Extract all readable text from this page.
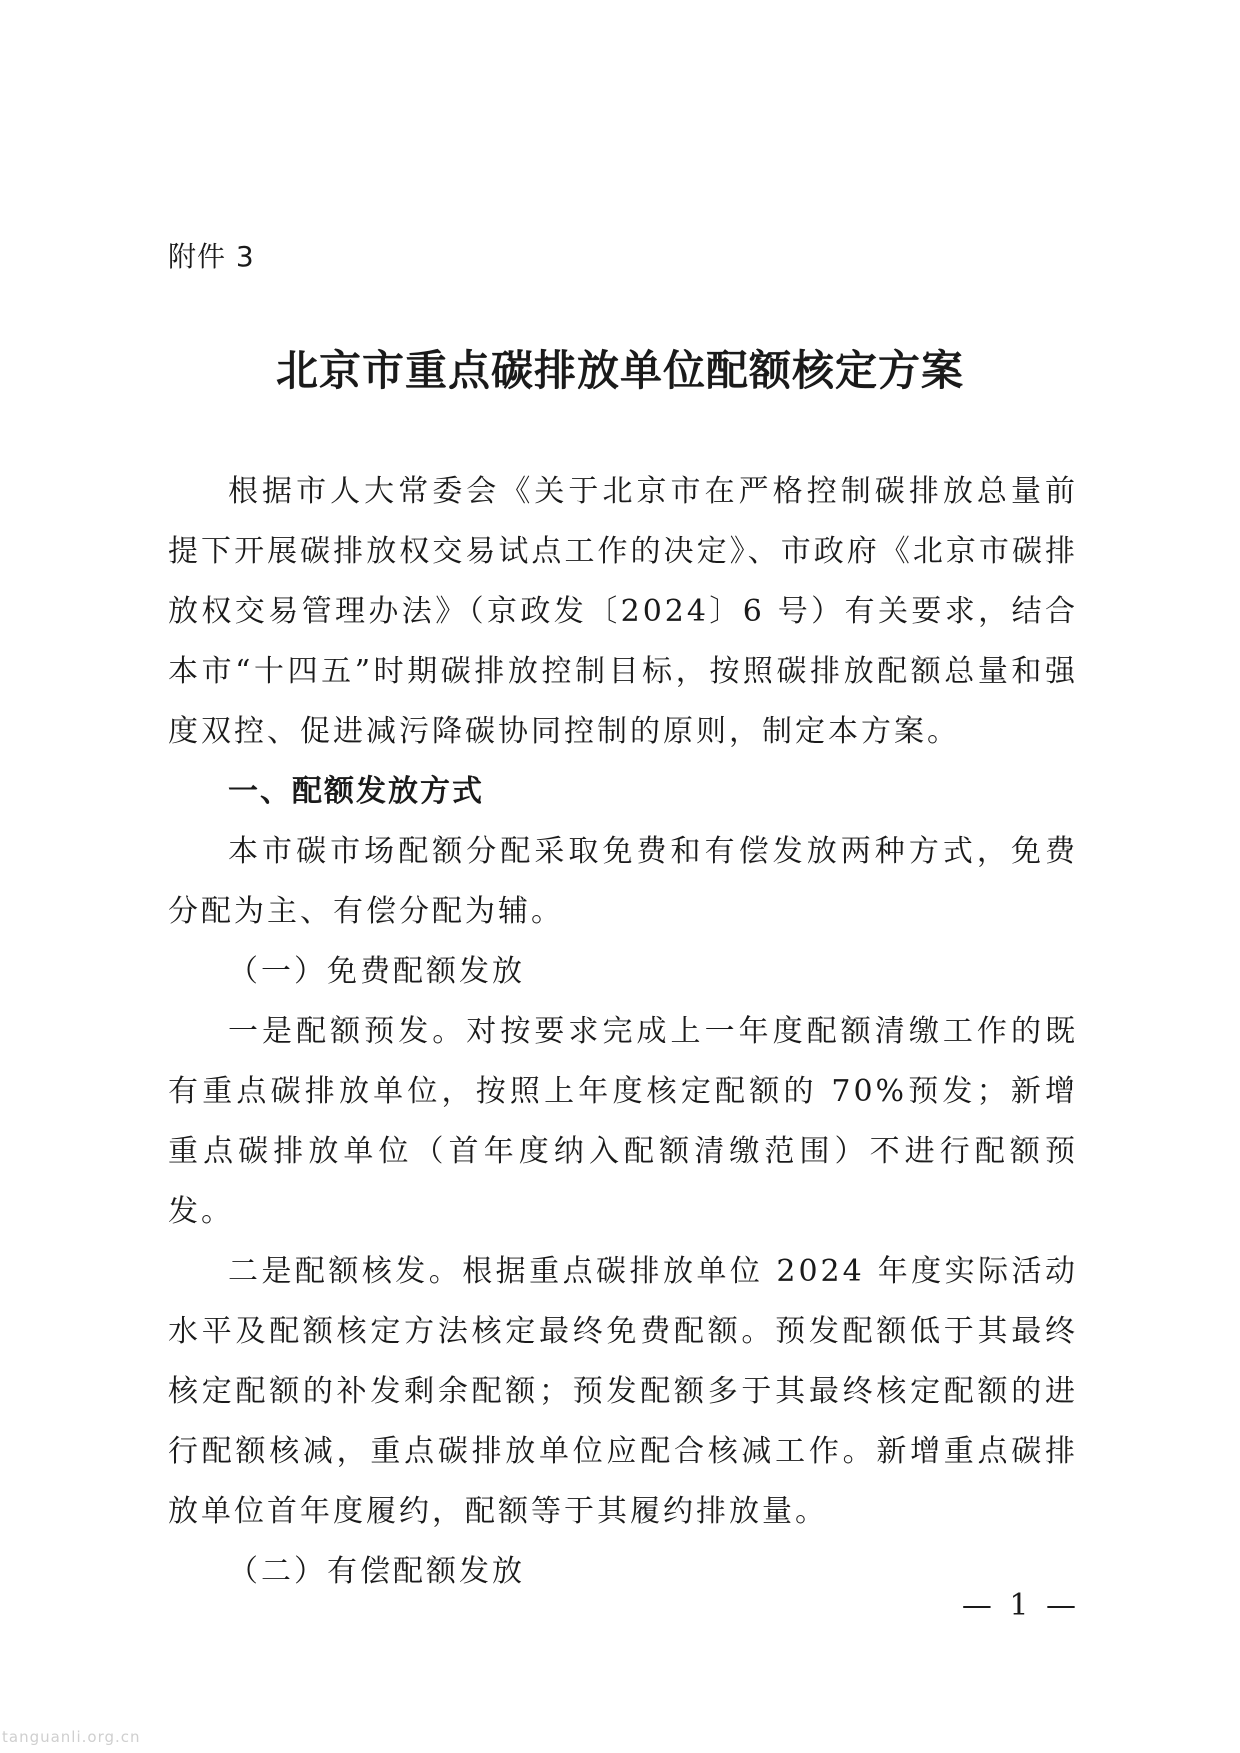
附件 3
北京市重点碳排放单位配额核定方案

根据市人大常委会《关于北京市在严格控制碳排放总量前提下开展碳排放权交易试点工作的决定》、市政府《北京市碳排放权交易管理办法》（京政发〔2024〕6 号）有关要求，结合本市“十四五”时期碳排放控制目标，按照碳排放配额总量和强度双控、促进减污降碳协同控制的原则，制定本方案。

一、配额发放方式

本市碳市场配额分配采取免费和有偿发放两种方式，免费分配为主、有偿分配为辅。

（一）免费配额发放

一是配额预发。对按要求完成上一年度配额清缴工作的既有重点碳排放单位，按照上年度核定配额的 70%预发；新增重点碳排放单位（首年度纳入配额清缴范围）不进行配额预发。

二是配额核发。根据重点碳排放单位 2024 年度实际活动水平及配额核定方法核定最终免费配额。预发配额低于其最终核定配额的补发剩余配额；预发配额多于其最终核定配额的进行配额核减，重点碳排放单位应配合核减工作。新增重点碳排放单位首年度履约，配额等于其履约排放量。

（二）有偿配额发放

— 1 —
tanguanli.org.cn
